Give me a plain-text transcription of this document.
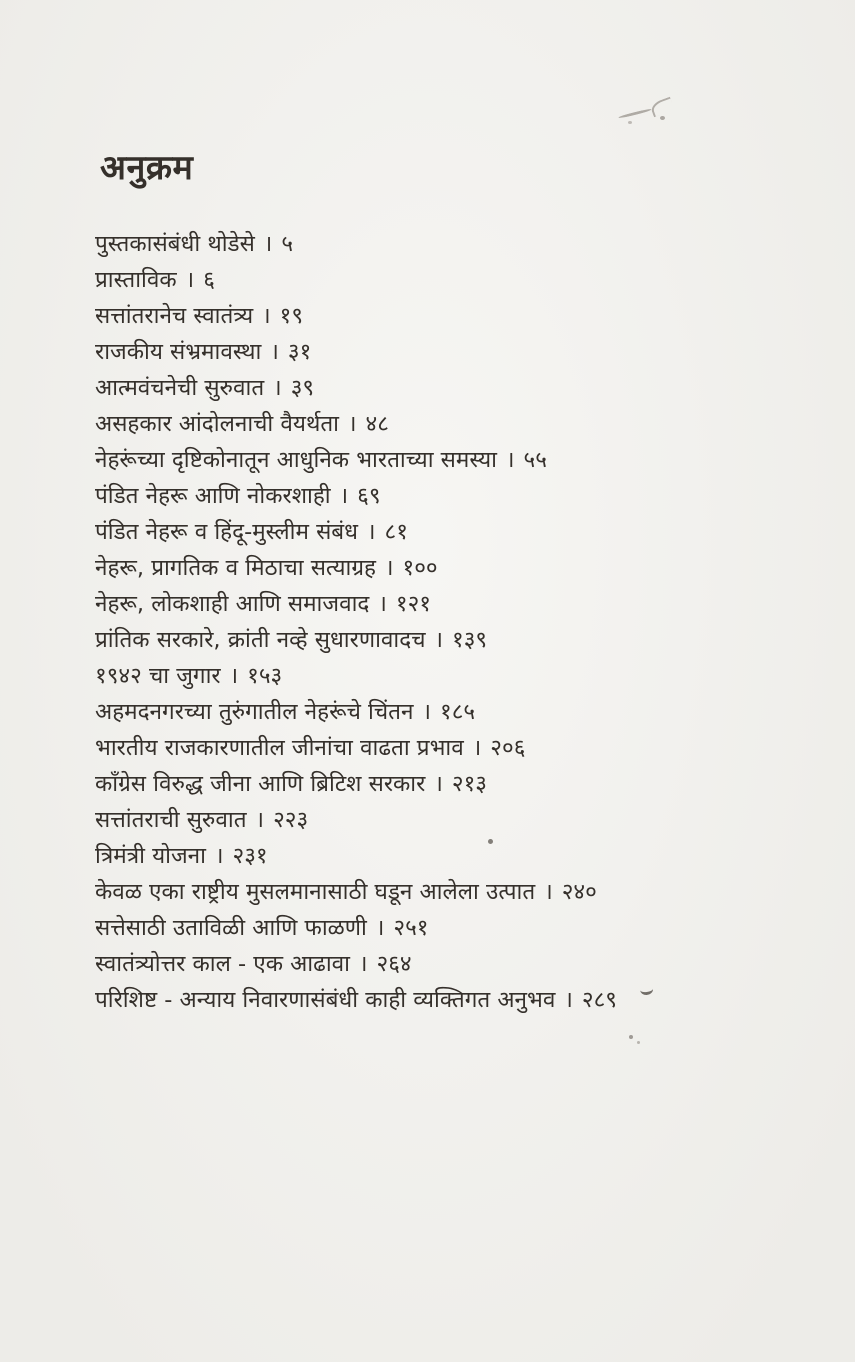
अनुक्रम
पुस्तकासंबंधी थोडेसे । ५
प्रास्ताविक । ६
सत्तांतरानेच स्वातंत्र्य । १९
राजकीय संभ्रमावस्था । ३१
आत्मवंचनेची सुरुवात । ३९
असहकार आंदोलनाची वैयर्थता । ४८
नेहरूंच्या दृष्टिकोनातून आधुनिक भारताच्या समस्या । ५५
पंडित नेहरू आणि नोकरशाही । ६९
पंडित नेहरू व हिंदू-मुस्लीम संबंध । ८१
नेहरू, प्रागतिक व मिठाचा सत्याग्रह । १००
नेहरू, लोकशाही आणि समाजवाद । १२१
प्रांतिक सरकारे, क्रांती नव्हे सुधारणावादच । १३९
१९४२ चा जुगार । १५३
अहमदनगरच्या तुरुंगातील नेहरूंचे चिंतन । १८५
भारतीय राजकारणातील जीनांचा वाढता प्रभाव । २०६
काँग्रेस विरुद्ध जीना आणि ब्रिटिश सरकार । २१३
सत्तांतराची सुरुवात । २२३
त्रिमंत्री योजना । २३१
केवळ एका राष्ट्रीय मुसलमानासाठी घडून आलेला उत्पात । २४०
सत्तेसाठी उताविळी आणि फाळणी । २५१
स्वातंत्र्योत्तर काल - एक आढावा । २६४
परिशिष्ट - अन्याय निवारणासंबंधी काही व्यक्तिगत अनुभव । २८९
